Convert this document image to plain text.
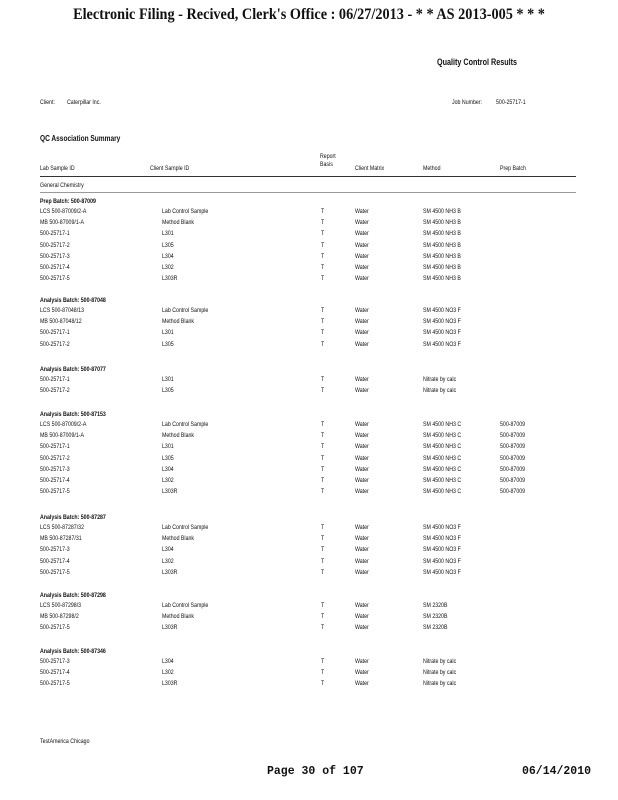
Electronic Filing - Recived, Clerk's Office : 06/27/2013 - * * AS 2013-005 * * *
Quality Control Results
Client: Caterpillar Inc.	Job Number: 500-25717-1
QC Association Summary
Lab Sample ID	Client Sample ID
Report
Basis
Client Matrix	Method	Prep Batch
General Chemistry
Prep Batch: 500-87009
LCS 500-87009/2-A	Lab Control Sample	T	Water	SM 4500 NH3 B
MB 500-87009/1-A	Method Blank	T	Water	SM 4500 NH3 B
500-25717-1	L301	T	Water	SM 4500 NH3 B
500-25717-2	L305	T	Water	SM 4500 NH3 B
500-25717-3	L304	T	Water	SM 4500 NH3 B
500-25717-4	L302	T	Water	SM 4500 NH3 B
500-25717-5	L303R	T	Water	SM 4500 NH3 B
Analysis Batch: 500-87048
LCS 500-87048/13	Lab Control Sample	T	Water	SM 4500 NO3 F
MB 500-87048/12	Method Blank	T	Water	SM 4500 NO3 F
500-25717-1	L301	T	Water	SM 4500 NO3 F
500-25717-2	L305	T	Water	SM 4500 NO3 F
Analysis Batch: 500-87077
500-25717-1	L301	T	Water	Nitrate by calc
500-25717-2	L305	T	Water	Nitrate by calc
Analysis Batch: 500-87153
LCS 500-87009/2-A	Lab Control Sample	T	Water	SM 4500 NH3 C	500-87009
MB 500-87009/1-A	Method Blank	T	Water	SM 4500 NH3 C	500-87009
500-25717-1	L301	T	Water	SM 4500 NH3 C	500-87009
500-25717-2	L305	T	Water	SM 4500 NH3 C	500-87009
500-25717-3	L304	T	Water	SM 4500 NH3 C	500-87009
500-25717-4	L302	T	Water	SM 4500 NH3 C	500-87009
500-25717-5	L303R	T	Water	SM 4500 NH3 C	500-87009
Analysis Batch: 500-87287
LCS 500-87287/32	Lab Control Sample	T	Water	SM 4500 NO3 F
MB 500-87287/31	Method Blank	T	Water	SM 4500 NO3 F
500-25717-3	L304	T	Water	SM 4500 NO3 F
500-25717-4	L302	T	Water	SM 4500 NO3 F
500-25717-5	L303R	T	Water	SM 4500 NO3 F
Analysis Batch: 500-87298
LCS 500-87298/3	Lab Control Sample	T	Water	SM 2320B
MB 500-87298/2	Method Blank	T	Water	SM 2320B
500-25717-5	L303R	T	Water	SM 2320B
Analysis Batch: 500-87346
500-25717-3	L304	T	Water	Nitrate by calc
500-25717-4	L302	T	Water	Nitrate by calc
500-25717-5	L303R	T	Water	Nitrate by calc
TestAmerica Chicago
Page 30 of 107	06/14/2010
